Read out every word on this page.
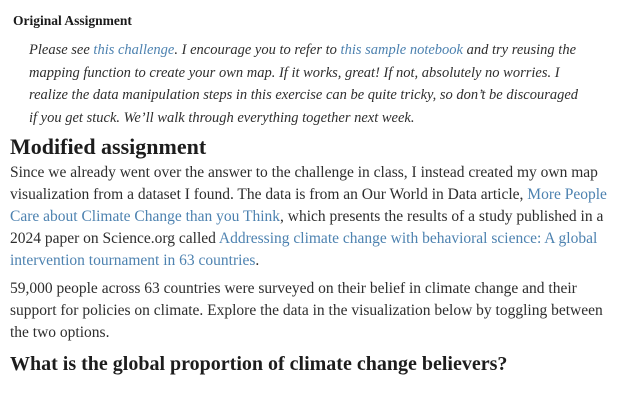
Original Assignment
Please see this challenge. I encourage you to refer to this sample notebook and try reusing the mapping function to create your own map. If it works, great! If not, absolutely no worries. I realize the data manipulation steps in this exercise can be quite tricky, so don’t be discouraged if you get stuck. We’ll walk through everything together next week.
Modified assignment

Since we already went over the answer to the challenge in class, I instead created my own map visualization from a dataset I found. The data is from an Our World in Data article, More People Care about Climate Change than you Think, which presents the results of a study published in a 2024 paper on Science.org called Addressing climate change with behavioral science: A global intervention tournament in 63 countries.

59,000 people across 63 countries were surveyed on their belief in climate change and their support for policies on climate. Explore the data in the visualization below by toggling between the two options.

What is the global proportion of climate change believers?
